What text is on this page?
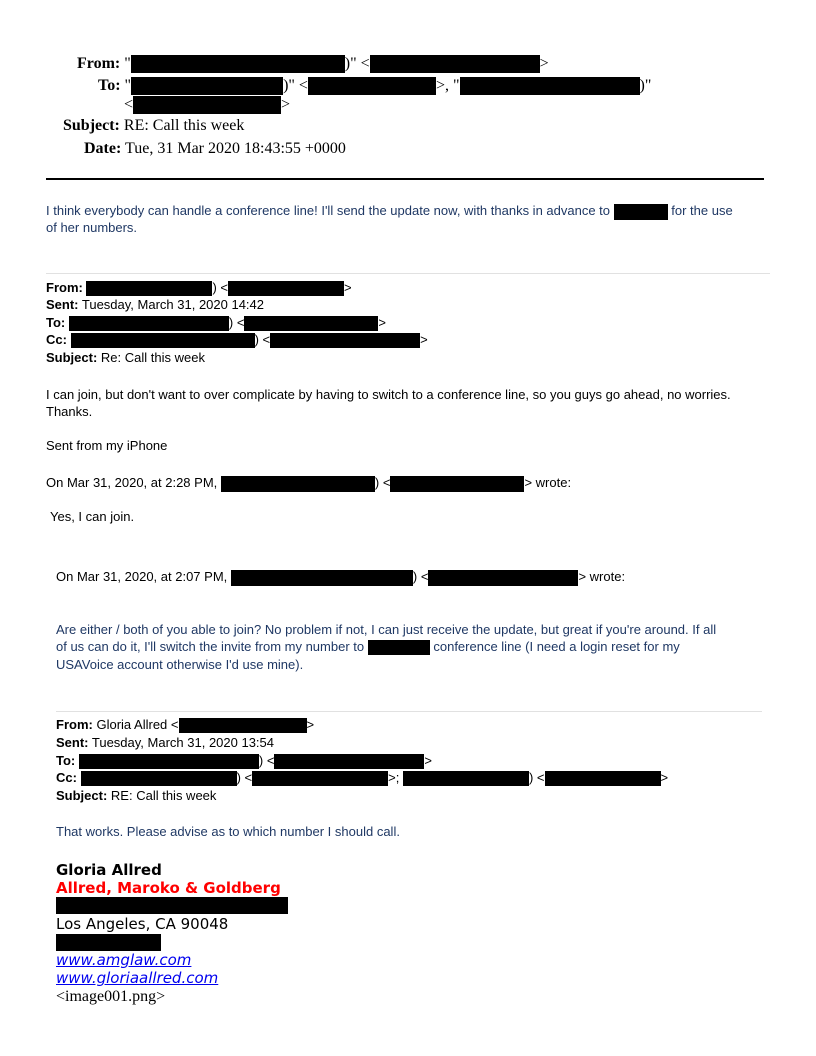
From: "	)" <	>
To: "	)" <	>, "	)"
<	>
Subject: RE: Call this week
Date: Tue, 31 Mar 2020 18:43:55 +0000
I think everybody can handle a conference line! I'll send the update now, with thanks in advance to	for the use
of her numbers.
From:	) <	>
Sent: Tuesday, March 31, 2020 14:42
To:	) <	>
Cc:	) <	>
Subject: Re: Call this week
I can join, but don't want to over complicate by having to switch to a conference line, so you guys go ahead, no worries.
Thanks.
Sent from my iPhone
On Mar 31, 2020, at 2:28 PM,	) <	> wrote:
Yes, I can join.
On Mar 31, 2020, at 2:07 PM,	) <	> wrote:
Are either / both of you able to join? No problem if not, I can just receive the update, but great if you're around. If all
of us can do it, I'll switch the invite from my number to	conference line (I need a login reset for my
USAVoice account otherwise I'd use mine).
From: Gloria Allred <	>
Sent: Tuesday, March 31, 2020 13:54
To:	) <	>
Cc:	) <	>;	) <	>
Subject: RE: Call this week
That works. Please advise as to which number I should call.
Gloria Allred
Allred, Maroko & Goldberg
Los Angeles, CA 90048
www.amglaw.com
www.gloriaallred.com
<image001.png>
